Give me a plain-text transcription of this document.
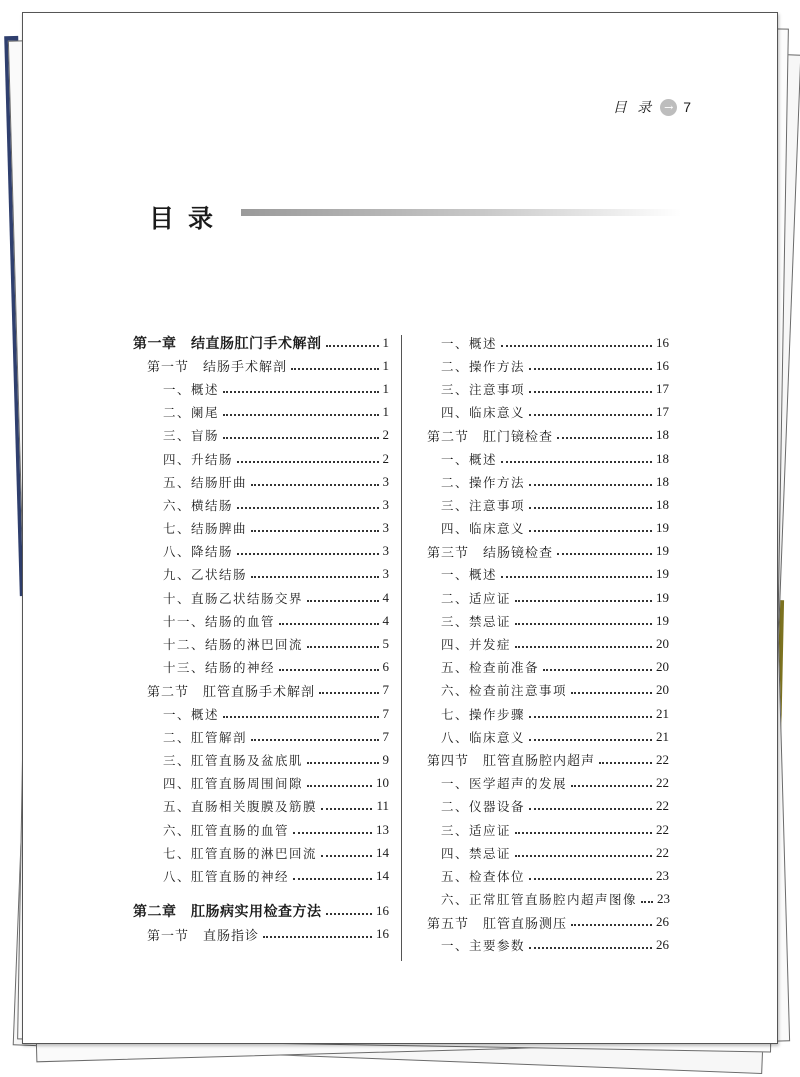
目 录 → 7
目录
第一章　结直肠肛门手术解剖	1
第一节　结肠手术解剖	1
一、概述	1
二、阑尾	1
三、盲肠	2
四、升结肠	2
五、结肠肝曲	3
六、横结肠	3
七、结肠脾曲	3
八、降结肠	3
九、乙状结肠	3
十、直肠乙状结肠交界	4
十一、结肠的血管	4
十二、结肠的淋巴回流	5
十三、结肠的神经	6
第二节　肛管直肠手术解剖	7
一、概述	7
二、肛管解剖	7
三、肛管直肠及盆底肌	9
四、肛管直肠周围间隙	10
五、直肠相关腹膜及筋膜	11
六、肛管直肠的血管	13
七、肛管直肠的淋巴回流	14
八、肛管直肠的神经	14
第二章　肛肠病实用检查方法	16
第一节　直肠指诊	16
一、概述	16
二、操作方法	16
三、注意事项	17
四、临床意义	17
第二节　肛门镜检查	18
一、概述	18
二、操作方法	18
三、注意事项	18
四、临床意义	19
第三节　结肠镜检查	19
一、概述	19
二、适应证	19
三、禁忌证	19
四、并发症	20
五、检查前准备	20
六、检查前注意事项	20
七、操作步骤	21
八、临床意义	21
第四节　肛管直肠腔内超声	22
一、医学超声的发展	22
二、仪器设备	22
三、适应证	22
四、禁忌证	22
五、检查体位	23
六、正常肛管直肠腔内超声图像 23
第五节　肛管直肠测压	26
一、主要参数	26
